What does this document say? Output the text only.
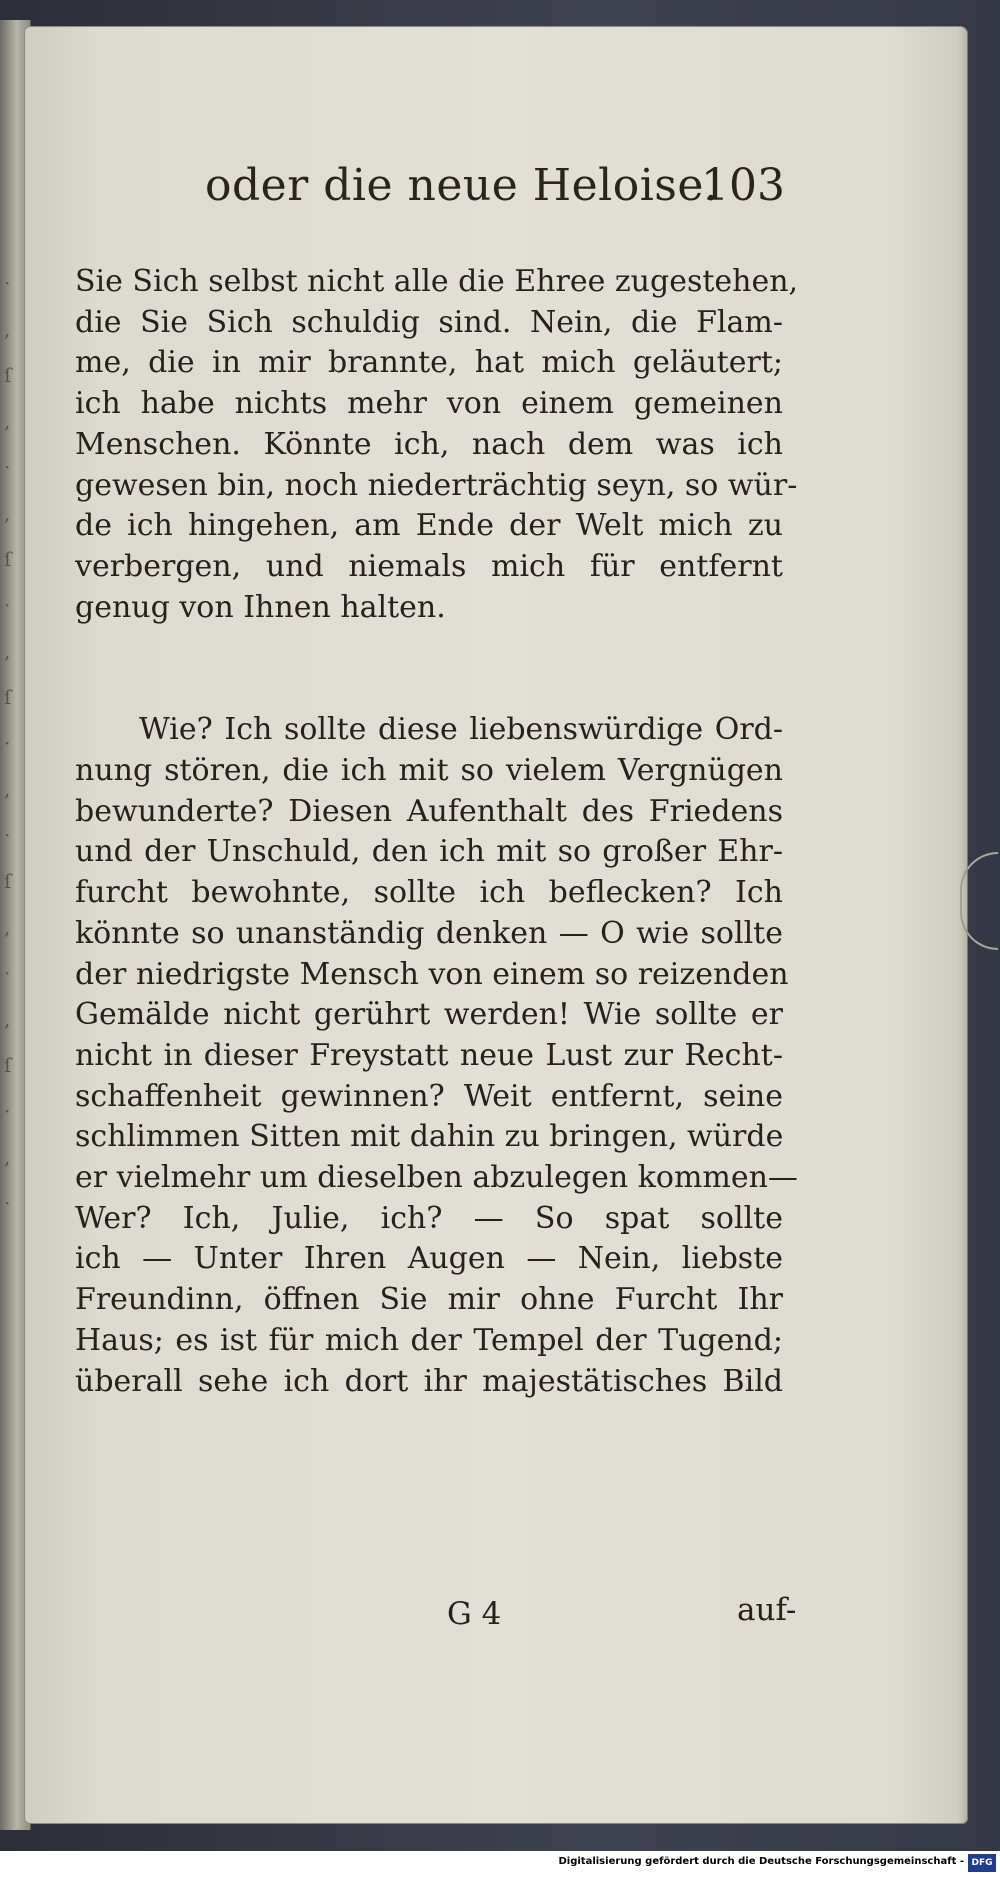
·
,
ſ
,
·
,
ſ
·
,
ſ
·
,
·
ſ
,
·
,
ſ
·
,
·
oder die neue Heloise.
103
Sie Sich selbst nicht alle die Ehree zugestehen,
die Sie Sich schuldig sind. Nein, die Flam-
me, die in mir brannte, hat mich geläutert;
ich habe nichts mehr von einem gemeinen
Menschen. Könnte ich, nach dem was ich
gewesen bin, noch niederträchtig seyn, so wür-
de ich hingehen, am Ende der Welt mich zu
verbergen, und niemals mich für entfernt
genug von Ihnen halten.
Wie? Ich sollte diese liebenswürdige Ord-
nung stören, die ich mit so vielem Vergnügen
bewunderte? Diesen Aufenthalt des Friedens
und der Unschuld, den ich mit so großer Ehr-
furcht bewohnte, sollte ich beflecken? Ich
könnte so unanständig denken — O wie sollte
der niedrigste Mensch von einem so reizenden
Gemälde nicht gerührt werden! Wie sollte er
nicht in dieser Freystatt neue Lust zur Recht-
schaffenheit gewinnen? Weit entfernt, seine
schlimmen Sitten mit dahin zu bringen, würde
er vielmehr um dieselben abzulegen kommen—
Wer? Ich, Julie, ich? — So spat sollte
ich — Unter Ihren Augen — Nein, liebste
Freundinn, öffnen Sie mir ohne Furcht Ihr
Haus; es ist für mich der Tempel der Tugend;
überall sehe ich dort ihr majestätisches Bild
G 4	auf-
Digitalisierung gefördert durch die Deutsche Forschungsgemeinschaft - DFG
